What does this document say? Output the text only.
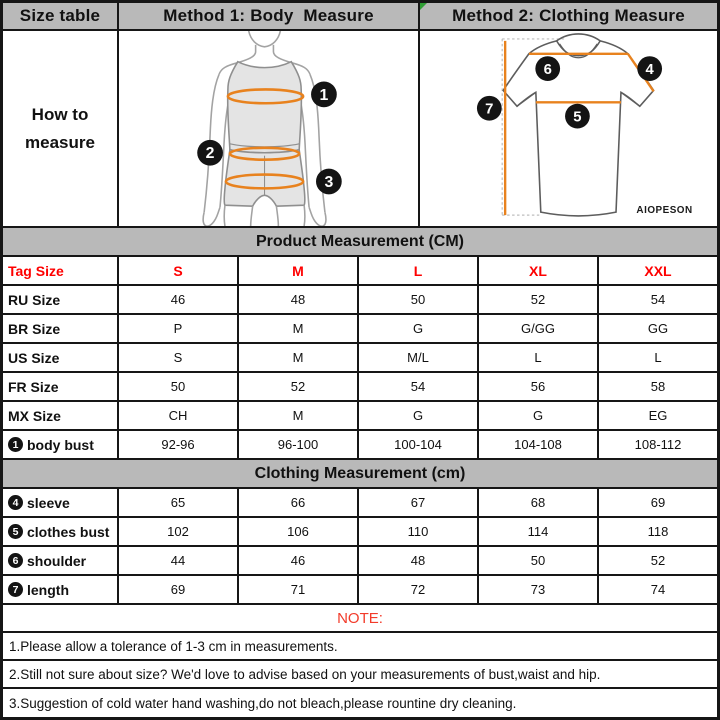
Size table	Method 1: Body  Measure	Method 2: Clothing Measure
How to
measure
1
2
3
6	4
7	5
AIOPESON
Product Measurement (CM)
Tag Size	S	M	L	XL	XXL
RU Size	46	48	50	52	54
BR Size	P	M	G	G/GG	GG
US Size	S	M	M/L	L	L
FR Size	50	52	54	56	58
MX Size	CH	M	G	G	EG
1 body bust	92-96	96-100	100-104	104-108	108-112
Clothing Measurement (cm)
4 sleeve	65	66	67	68	69
5 clothes bust	102	106	110	114	118
6 shoulder	44	46	48	50	52
7 length	69	71	72	73	74
NOTE:
1.Please allow a tolerance of 1-3 cm in measurements.
2.Still not sure about size? We'd love to advise based on your measurements of bust,waist and hip.
3.Suggestion of cold water hand washing,do not bleach,please rountine dry cleaning.
